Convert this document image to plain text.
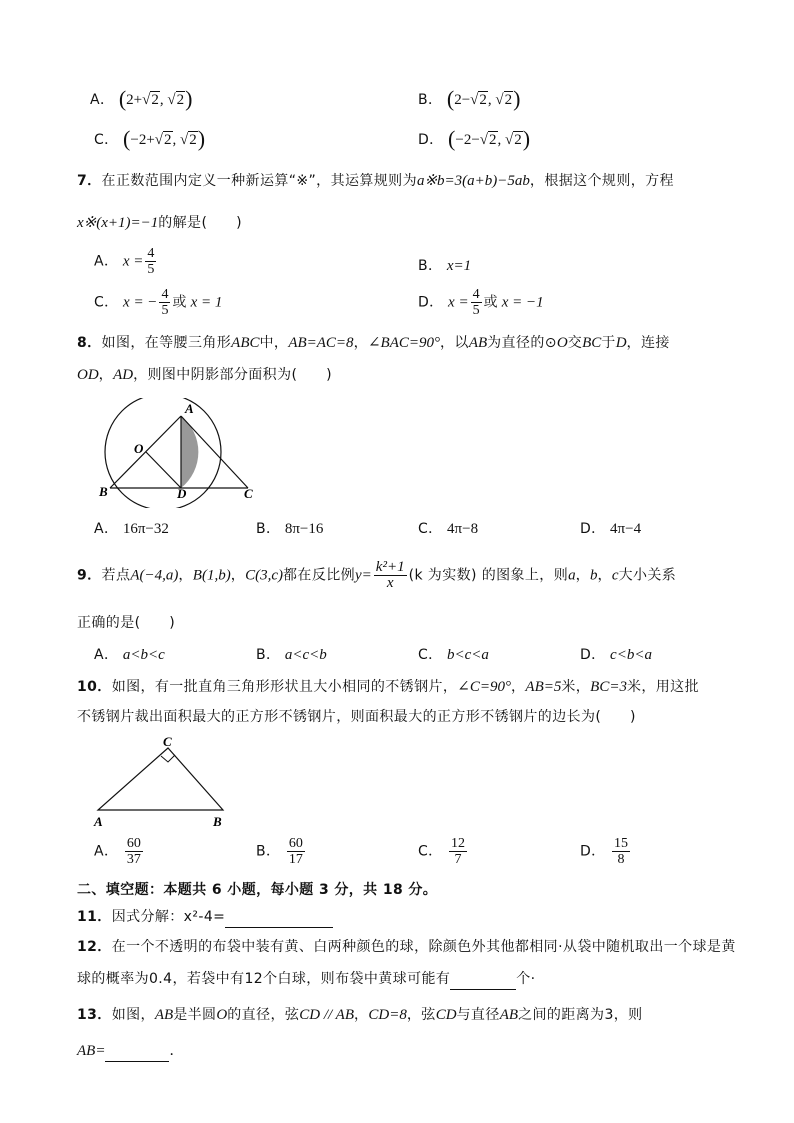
A． (2+√2, √2)	B． (2−√2, √2)
C． (−2+√2, √2)	D． (−2−√2, √2)
7．在正数范围内定义一种新运算“※”，其运算规则为a※b=3(a+b)−5ab，根据这个规则，方程
x※(x+1)=−1的解是(　　)
A． $x = \frac{4}{5}$	B． x=1
C． x = − $\frac{4}{5}$ 或 x = 1	D． $x = \frac{4}{5}$ 或 x = −1
8．如图，在等腰三角形ABC中，AB=AC=8，∠BAC=90°，以AB为直径的⊙O交BC于D，连接
OD，AD，则图中阴影部分面积为(　　)
A
O
B	D	C
A． 16π−32	B． 8π−16	C． 4π−8	D． 4π−4
9．若点A(−4,a)，B(1,b)，C(3,c)都在反比例$y= \frac{\text{k²+1}}{x} (k$ 为实数) 的图象上，则a，b，c大小关系
正确的是(　　)
A． a<b<c	B． a<c<b	C． b<c<a	D． c<b<a
10．如图，有一批直角三角形形状且大小相同的不锈钢片，∠C=90°，AB=5米，BC=3米，用这批
不锈钢片裁出面积最大的正方形不锈钢片，则面积最大的正方形不锈钢片的边长为(　　)
C
A	B
A． $\frac{60}{37}$	B． $\frac{60}{17}$	C． $\frac{12}{7}$	D． $\frac{15}{8}$
二、填空题：本题共 6 小题，每小题 3 分，共 18 分。
11．因式分解：x²-4=
12．在一个不透明的布袋中装有黄、白两种颜色的球，除颜色外其他都相同·从袋中随机取出一个球是黄
球的概率为0.4，若袋中有12个白球，则布袋中黄球可能有	个·
13．如图，AB是半圆O的直径，弦CD // AB，CD=8，弦CD与直径AB之间的距离为3，则
AB=	．
